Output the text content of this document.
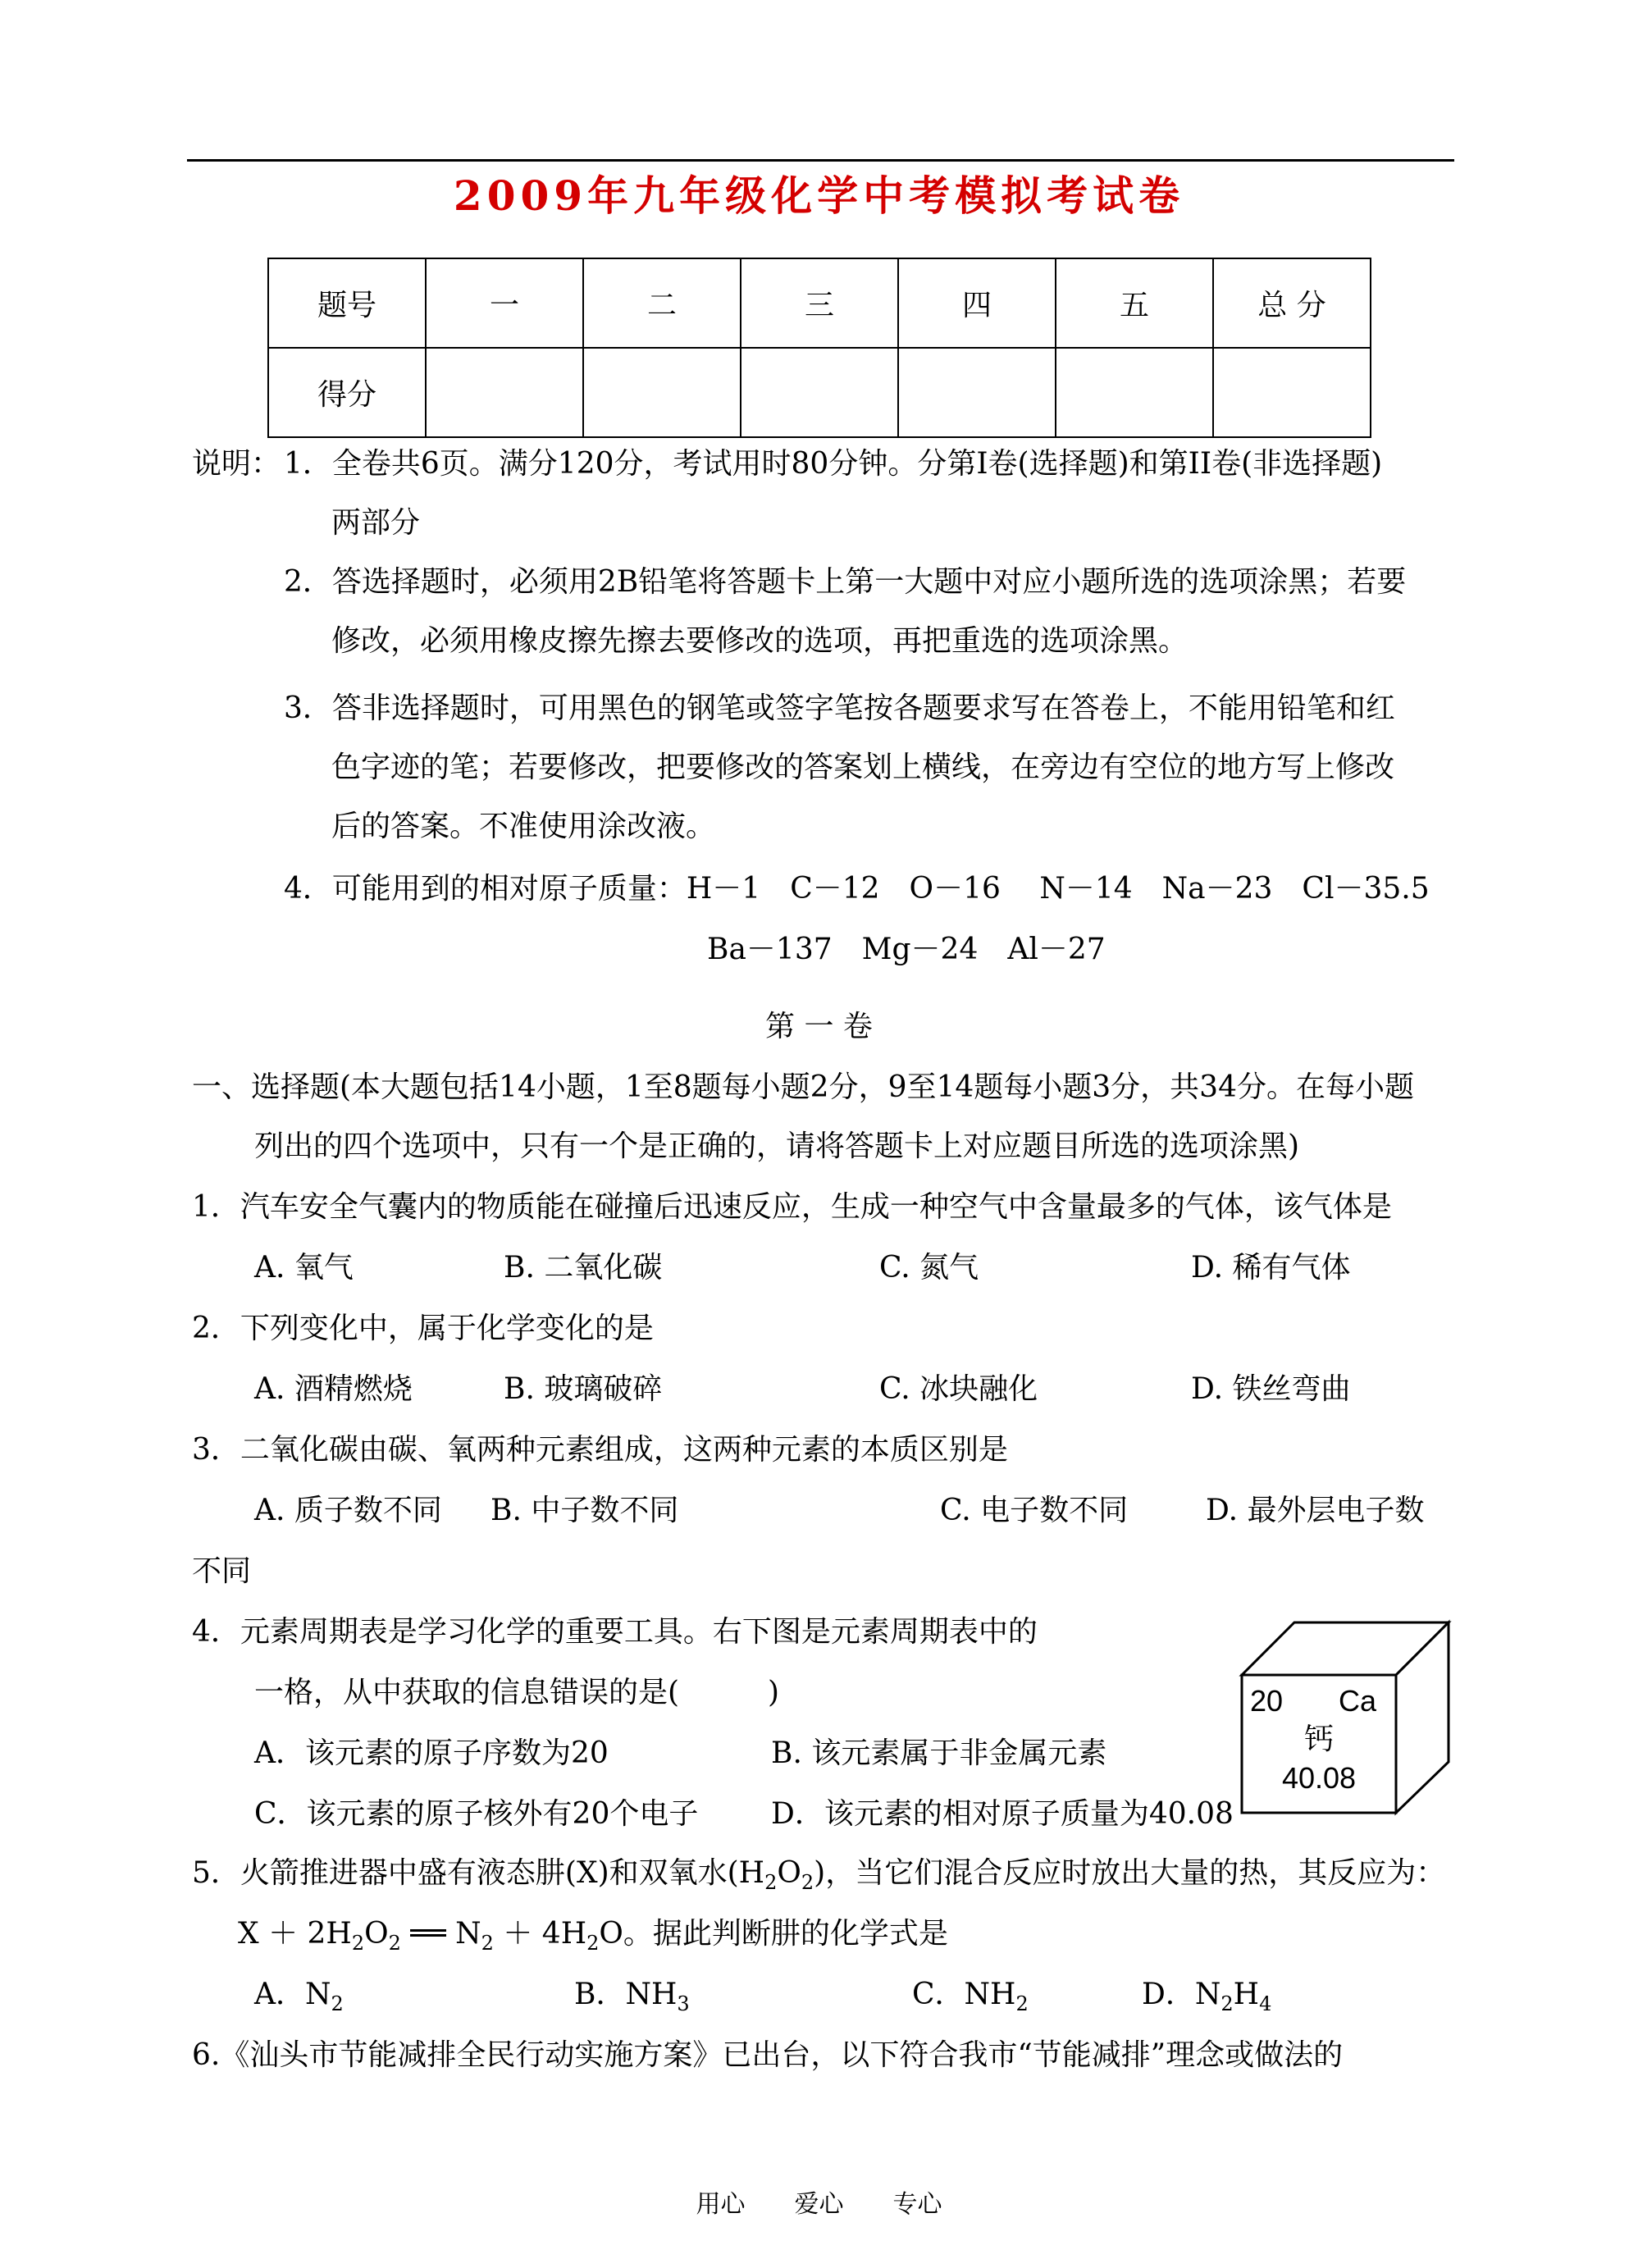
2009年九年级化学中考模拟考试卷
题号	一	二	三	四	五	总 分
得分						
说明： 1．全卷共6页。满分120分，考试用时80分钟。分第I卷(选择题)和第II卷(非选择题)
两部分
2．答选择题时，必须用2B铅笔将答题卡上第一大题中对应小题所选的选项涂黑；若要
修改，必须用橡皮擦先擦去要修改的选项，再把重选的选项涂黑。
3．答非选择题时，可用黑色的钢笔或签字笔按各题要求写在答卷上，不能用铅笔和红
色字迹的笔；若要修改，把要修改的答案划上横线，在旁边有空位的地方写上修改
后的答案。不准使用涂改液。
4．可能用到的相对原子质量：H－1　C－12　O－16　 N－14　Na－23　Cl－35.5
Ba－137　Mg－24　Al－27
第 一 卷
一、选择题(本大题包括14小题，1至8题每小题2分，9至14题每小题3分，共34分。在每小题
列出的四个选项中，只有一个是正确的，请将答题卡上对应题目所选的选项涂黑)
1．汽车安全气囊内的物质能在碰撞后迅速反应，生成一种空气中含量最多的气体，该气体是
A. 氧气	B. 二氧化碳	C. 氮气	D. 稀有气体
2．下列变化中，属于化学变化的是
A. 酒精燃烧	B. 玻璃破碎	C. 冰块融化	D. 铁丝弯曲
3．二氧化碳由碳、氧两种元素组成，这两种元素的本质区别是
A. 质子数不同 B. 中子数不同	C. 电子数不同	D. 最外层电子数
不同
4．元素周期表是学习化学的重要工具。右下图是元素周期表中的
一格，从中获取的信息错误的是(　　　)
A．该元素的原子序数为20	B. 该元素属于非金属元素
C．该元素的原子核外有20个电子 D．该元素的相对原子质量为40.08
20	Ca
钙
40.08
5．火箭推进器中盛有液态肼(X)和双氧水$(H_2O_2)$，当它们混合反应时放出大量的热，其反应为：
$X + 2H_2O_2$ ══ $N_2 + 4H_2O$。据此判断肼的化学式是
A．$N_2$	B．$NH_3$	C．$NH_2$	D．$N_2H_4$
6.《汕头市节能减排全民行动实施方案》已出台，以下符合我市“节能减排”理念或做法的
用心　　爱心　　专心
